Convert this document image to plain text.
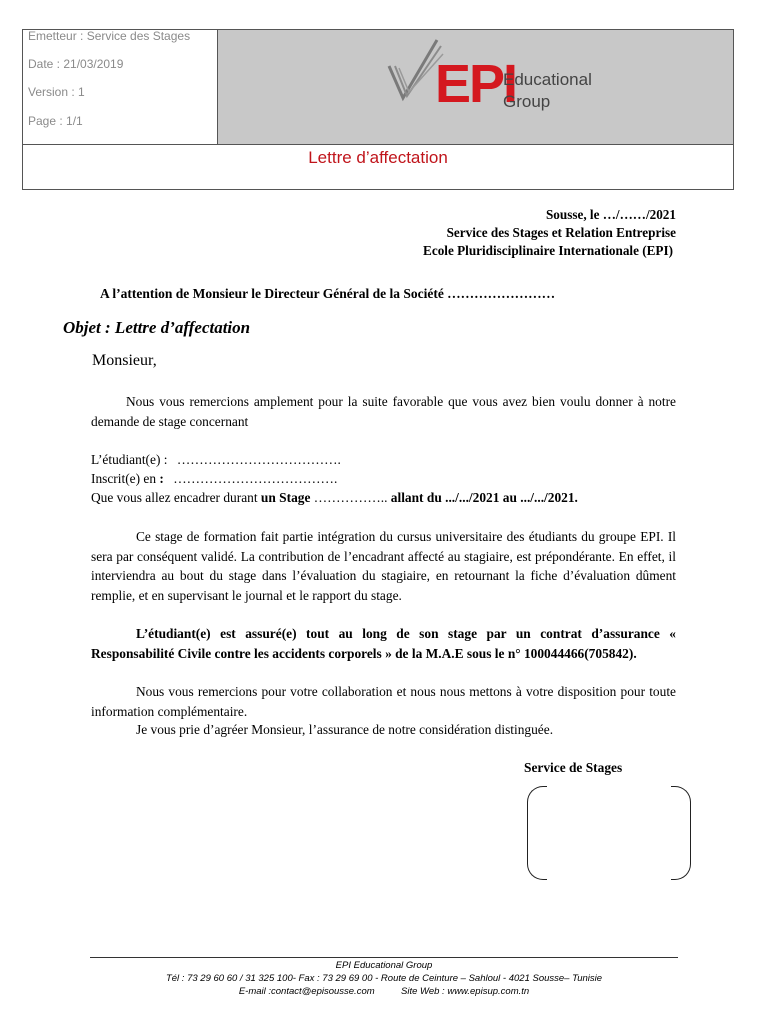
Emetteur : Service des Stages
Date : 21/03/2019
Version : 1
Page : 1/1
EPI
Educational
Group
Lettre d’affectation
Sousse, le …/……/2021
Service des Stages et Relation Entreprise
Ecole Pluridisciplinaire Internationale (EPI)
A l’attention de Monsieur le Directeur Général de la Société ……………………
Objet : Lettre d’affectation
Monsieur,
Nous vous remercions amplement pour la suite favorable que vous avez bien voulu donner à notre demande de stage concernant
L’étudiant(e) : ……………………………….
Inscrit(e) en : ……………………………….
Que vous allez encadrer durant un Stage …………….. allant du .../.../2021 au .../.../2021.
Ce stage de formation fait partie intégration du cursus universitaire des étudiants du groupe EPI. Il sera par conséquent validé. La contribution de l’encadrant affecté au stagiaire, est prépondérante. En effet, il interviendra au bout du stage dans l’évaluation du stagiaire, en retournant la fiche d’évaluation dûment remplie, et en supervisant le journal et le rapport du stage.
L’étudiant(e) est assuré(e) tout au long de son stage par un contrat d’assurance « Responsabilité Civile contre les accidents corporels » de la M.A.E sous le n° 100044466(705842).
Nous vous remercions pour votre collaboration et nous nous mettons à votre disposition pour toute information complémentaire.
Je vous prie d’agréer Monsieur, l’assurance de notre considération distinguée.
Service de Stages
EPI Educational Group
Tél : 73 29 60 60 / 31 325 100- Fax : 73 29 69 00 - Route de Ceinture – Sahloul - 4021 Sousse– Tunisie
E-mail :contact@episousse.com          Site Web : www.episup.com.tn
